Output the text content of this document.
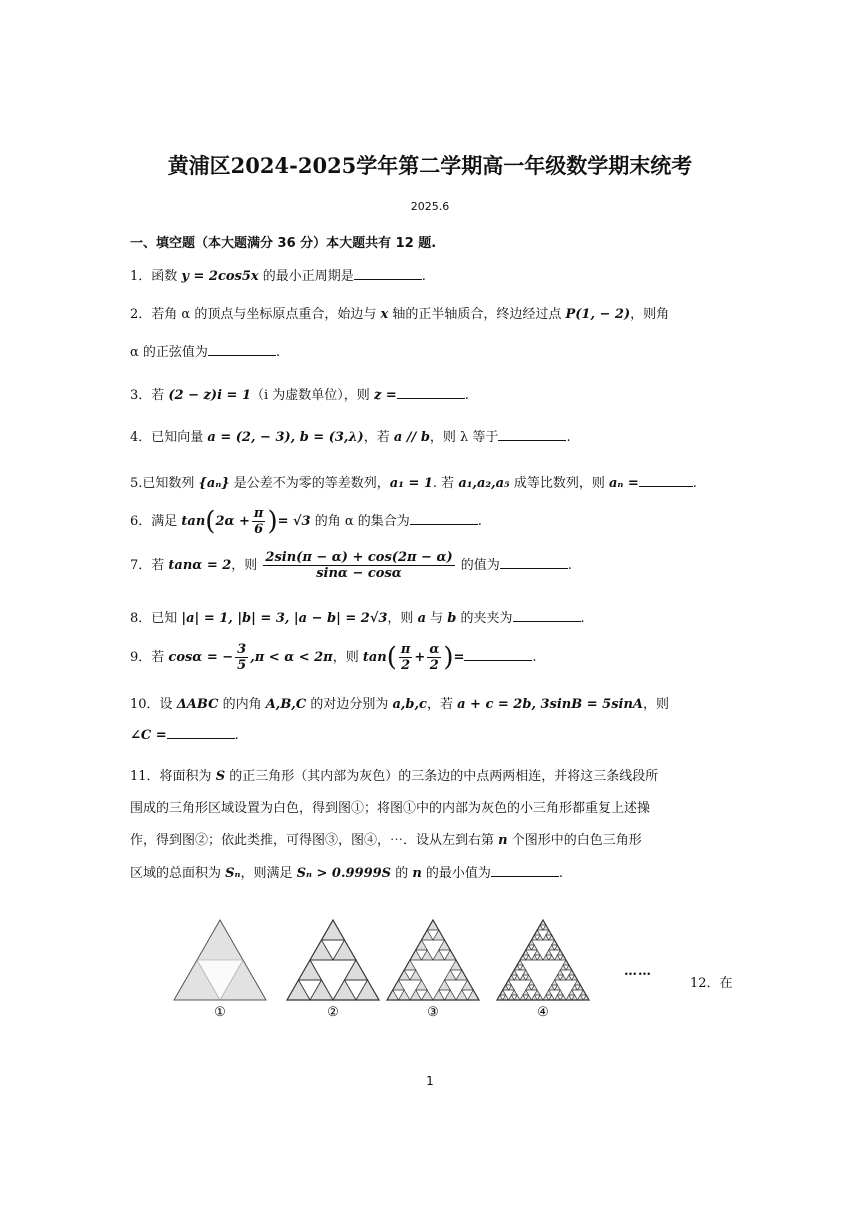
黄浦区2024-2025学年第二学期高一年级数学期末统考
2025.6
一、填空题（本大题满分 36 分）本大题共有 12 题.
1．函数 y = 2cos5x 的最小正周期是	.
2．若角 α 的顶点与坐标原点重合，始边与 x 轴的正半轴质合，终边经过点 P(1, − 2)，则角
α 的正弦值为	.
3．若 (2 − z)i = 1（i 为虚数单位），则 z =	.
4．已知向量 a = (2, − 3), b = (3,λ)，若 a // b，则 λ 等于	.
5.已知数列 {aₙ} 是公差不为零的等差数列，a₁ = 1. 若 a₁,a₂,a₅ 成等比数列，则 aₙ =	.
6．满足 $\tan(2\alpha + \frac{\pi}{6}$ )= √3 的角 α 的集合为	.
7．若 tanα = 2，则 $\frac{2\sin(\pi - \alpha) + \cos(2\pi - \alpha)}{\sin\alpha - \cos\alpha}$ 的值为	.
8．已知 |a| = 1, |b| = 3, |a − b| = 2√3，则 a 与 b 的夹夹为	.
9．若 cosα = − $\frac{3}{5} ,\pi < \alpha < 2\pi$，则 $\tan( \frac{\pi}{2} + \frac{\alpha}{2}$ )=	.
10．设 ΔABC 的内角 A,B,C 的对边分别为 a,b,c，若 a + c = 2b, 3sinB = 5sinA，则
∠C =	.
11．将面积为 S 的正三角形（其内部为灰色）的三条边的中点两两相连，并将这三条线段所
围成的三角形区域设置为白色，得到图①；将图①中的内部为灰色的小三角形都重复上述操
作，得到图②；依此类推，可得图③，图④，⋯．设从左到右第 n 个图形中的白色三角形
区域的总面积为 Sₙ，则满足 Sₙ > 0.9999S 的 n 的最小值为	.
①	②	③	④
……
12．在
1
